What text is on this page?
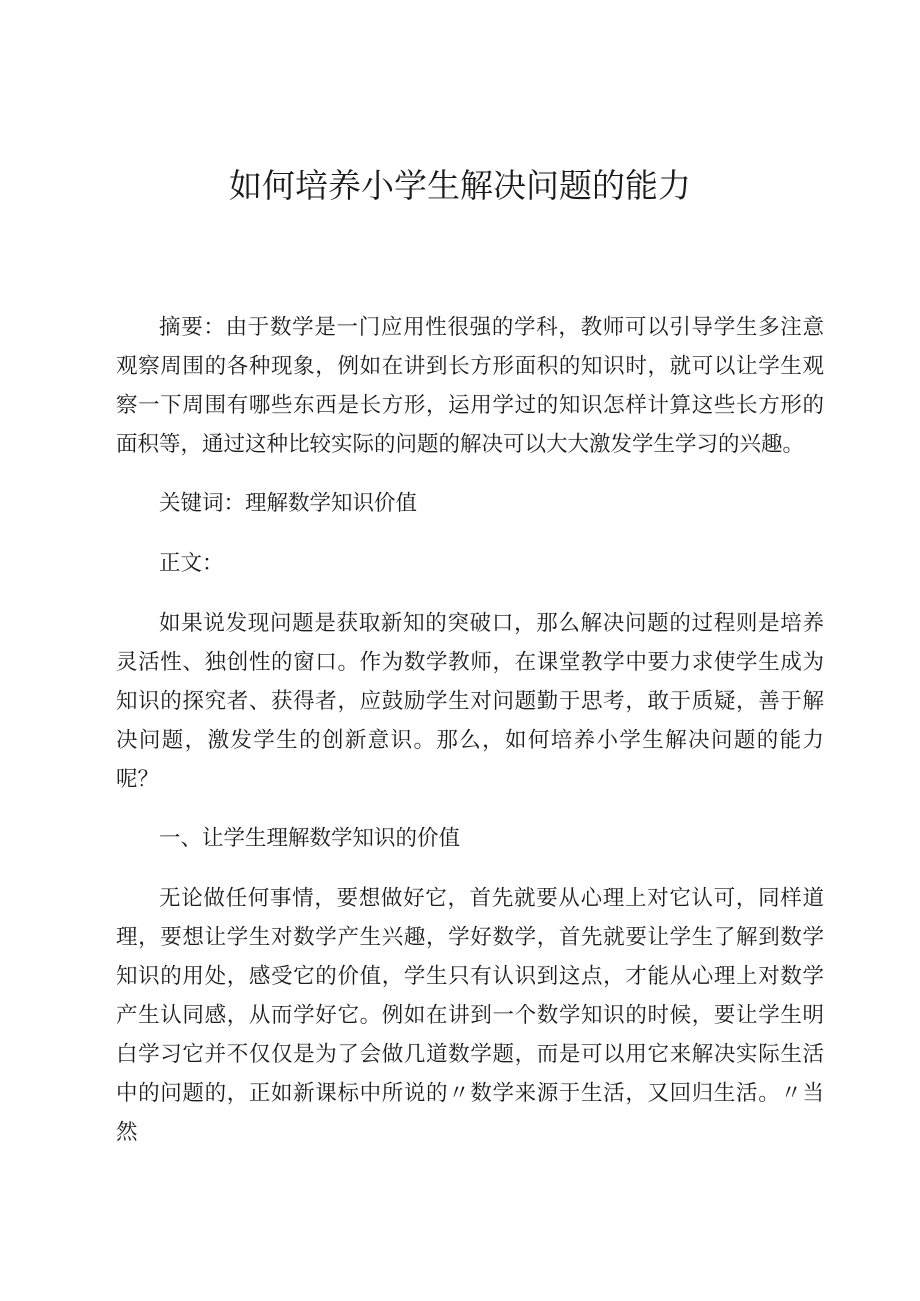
如何培养小学生解决问题的能力

摘要：由于数学是一门应用性很强的学科，教师可以引导学生多注意观察周围的各种现象，例如在讲到长方形面积的知识时，就可以让学生观察一下周围有哪些东西是长方形，运用学过的知识怎样计算这些长方形的面积等，通过这种比较实际的问题的解决可以大大激发学生学习的兴趣。

关键词：理解数学知识价值

正文：

如果说发现问题是获取新知的突破口，那么解决问题的过程则是培养灵活性、独创性的窗口。作为数学教师，在课堂教学中要力求使学生成为知识的探究者、获得者，应鼓励学生对问题勤于思考，敢于质疑，善于解决问题，激发学生的创新意识。那么，如何培养小学生解决问题的能力呢？

一、让学生理解数学知识的价值

无论做任何事情，要想做好它，首先就要从心理上对它认可，同样道理，要想让学生对数学产生兴趣，学好数学，首先就要让学生了解到数学知识的用处，感受它的价值，学生只有认识到这点，才能从心理上对数学产生认同感，从而学好它。例如在讲到一个数学知识的时候，要让学生明白学习它并不仅仅是为了会做几道数学题，而是可以用它来解决实际生活中的问题的，正如新课标中所说的〃数学来源于生活，又回归生活。〃当然
